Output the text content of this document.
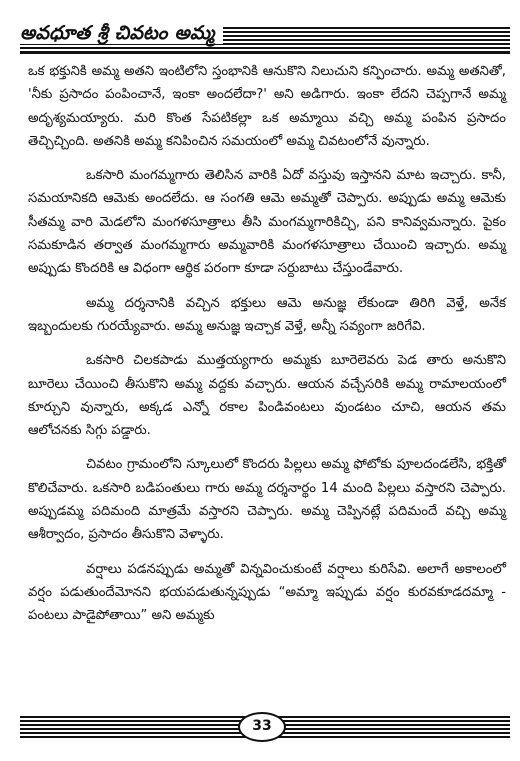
అవధూత శ్రీ చివటం అమ్మ

ఒక భక్తునికి అమ్మ అతని ఇంటిలోని స్తంభానికి ఆనుకొని నిలుచుని కన్పించారు. అమ్మ అతనితో, 'నీకు ప్రసాదం పంపించానే, ఇంకా అందలేదా?' అని అడిగారు. ఇంకా లేదని చెప్పగానే అమ్మ అదృశ్యమయ్యారు. మరి కొంత సేపటికల్లా ఒక అమ్మాయి వచ్చి అమ్మ పంపిన ప్రసాదం తెచ్చిచ్చింది. అతనికి అమ్మ కనిపించిన సమయంలో అమ్మ చివటంలోనే వున్నారు.

ఒకసారి మంగమ్మగారు తెలిసిన వారికి ఏదో వస్తువు ఇస్తానని మాట ఇచ్చారు. కానీ, సమయానికది ఆమెకు అందలేదు. ఆ సంగతి ఆమె అమ్మతో చెప్పారు. అప్పుడు అమ్మ ఆమెకు సీతమ్మ వారి మెడలోని మంగళసూత్రాలు తీసి మంగమ్మగారికిచ్చి, పని కానివ్వమన్నారు. పైకం సమకూడిన తర్వాత మంగమ్మగారు అమ్మవారికి మంగళసూత్రాలు చేయించి ఇచ్చారు. అమ్మ అప్పుడు కొందరికి ఆ విధంగా ఆర్థిక పరంగా కూడా సర్దుబాటు చేస్తుండేవారు.

అమ్మ దర్శనానికి వచ్చిన భక్తులు ఆమె అనుజ్ఞ లేకుండా తిరిగి వెళ్తే, అనేక ఇబ్బందులకు గురయ్యేవారు. అమ్మ అనుజ్ఞ ఇచ్చాక వెళ్తే, అన్నీ సవ్యంగా జరిగేవి.

ఒకసారి చిలకపాడు ముత్తయ్యగారు అమ్మకు బూరెలెవరు పెడ తారు అనుకొని బూరెలు చేయించి తీసుకొని అమ్మ వద్దకు వచ్చారు. ఆయన వచ్చేసరికి అమ్మ రామాలయంలో కూర్చుని వున్నారు, అక్కడ ఎన్నో రకాల పిండివంటలు వుండటం చూచి, ఆయన తమ ఆలోచనకు సిగ్గు పడ్డారు.

చివటం గ్రామంలోని స్కూలులో కొందరు పిల్లలు అమ్మ ఫోటోకు పూలదండలేసి, భక్తితో కొలిచేవారు. ఒకసారి బడిపంతులు గారు అమ్మ దర్శనార్థం 14 మంది పిల్లలు వస్తారని చెప్పారు. అప్పుడమ్మ పదిమంది మాత్రమే వస్తారని చెప్పారు. అమ్మ చెప్పినట్లే పదిమందే వచ్చి అమ్మ ఆశీర్వాదం, ప్రసాదం తీసుకొని వెళ్ళారు.

వర్షాలు పడనప్పుడు అమ్మతో విన్నవించుకుంటే వర్షాలు కురిసేవి. అలాగే అకాలంలో వర్షం పడుతుందేమోనని భయపడుతున్నప్పుడు “అమ్మా ఇప్పుడు వర్షం కురవకూడదమ్మా - పంటలు పాడైపోతాయి” అని అమ్మకు

33
